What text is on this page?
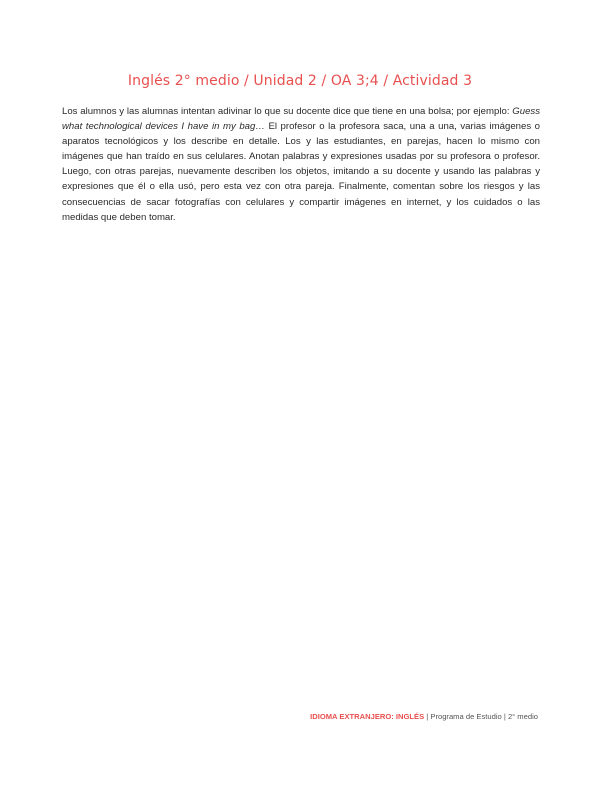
Inglés 2° medio / Unidad 2 / OA 3;4 / Actividad 3

Los alumnos y las alumnas intentan adivinar lo que su docente dice que tiene en una bolsa; por ejemplo: Guess what technological devices I have in my bag… El profesor o la profesora saca, una a una, varias imágenes o aparatos tecnológicos y los describe en detalle. Los y las estudiantes, en parejas, hacen lo mismo con imágenes que han traído en sus celulares. Anotan palabras y expresiones usadas por su profesora o profesor. Luego, con otras parejas, nuevamente describen los objetos, imitando a su docente y usando las palabras y expresiones que él o ella usó, pero esta vez con otra pareja. Finalmente, comentan sobre los riesgos y las consecuencias de sacar fotografías con celulares y compartir imágenes en internet, y los cuidados o las medidas que deben tomar.

IDIOMA EXTRANJERO: INGLÉS | Programa de Estudio | 2° medio
